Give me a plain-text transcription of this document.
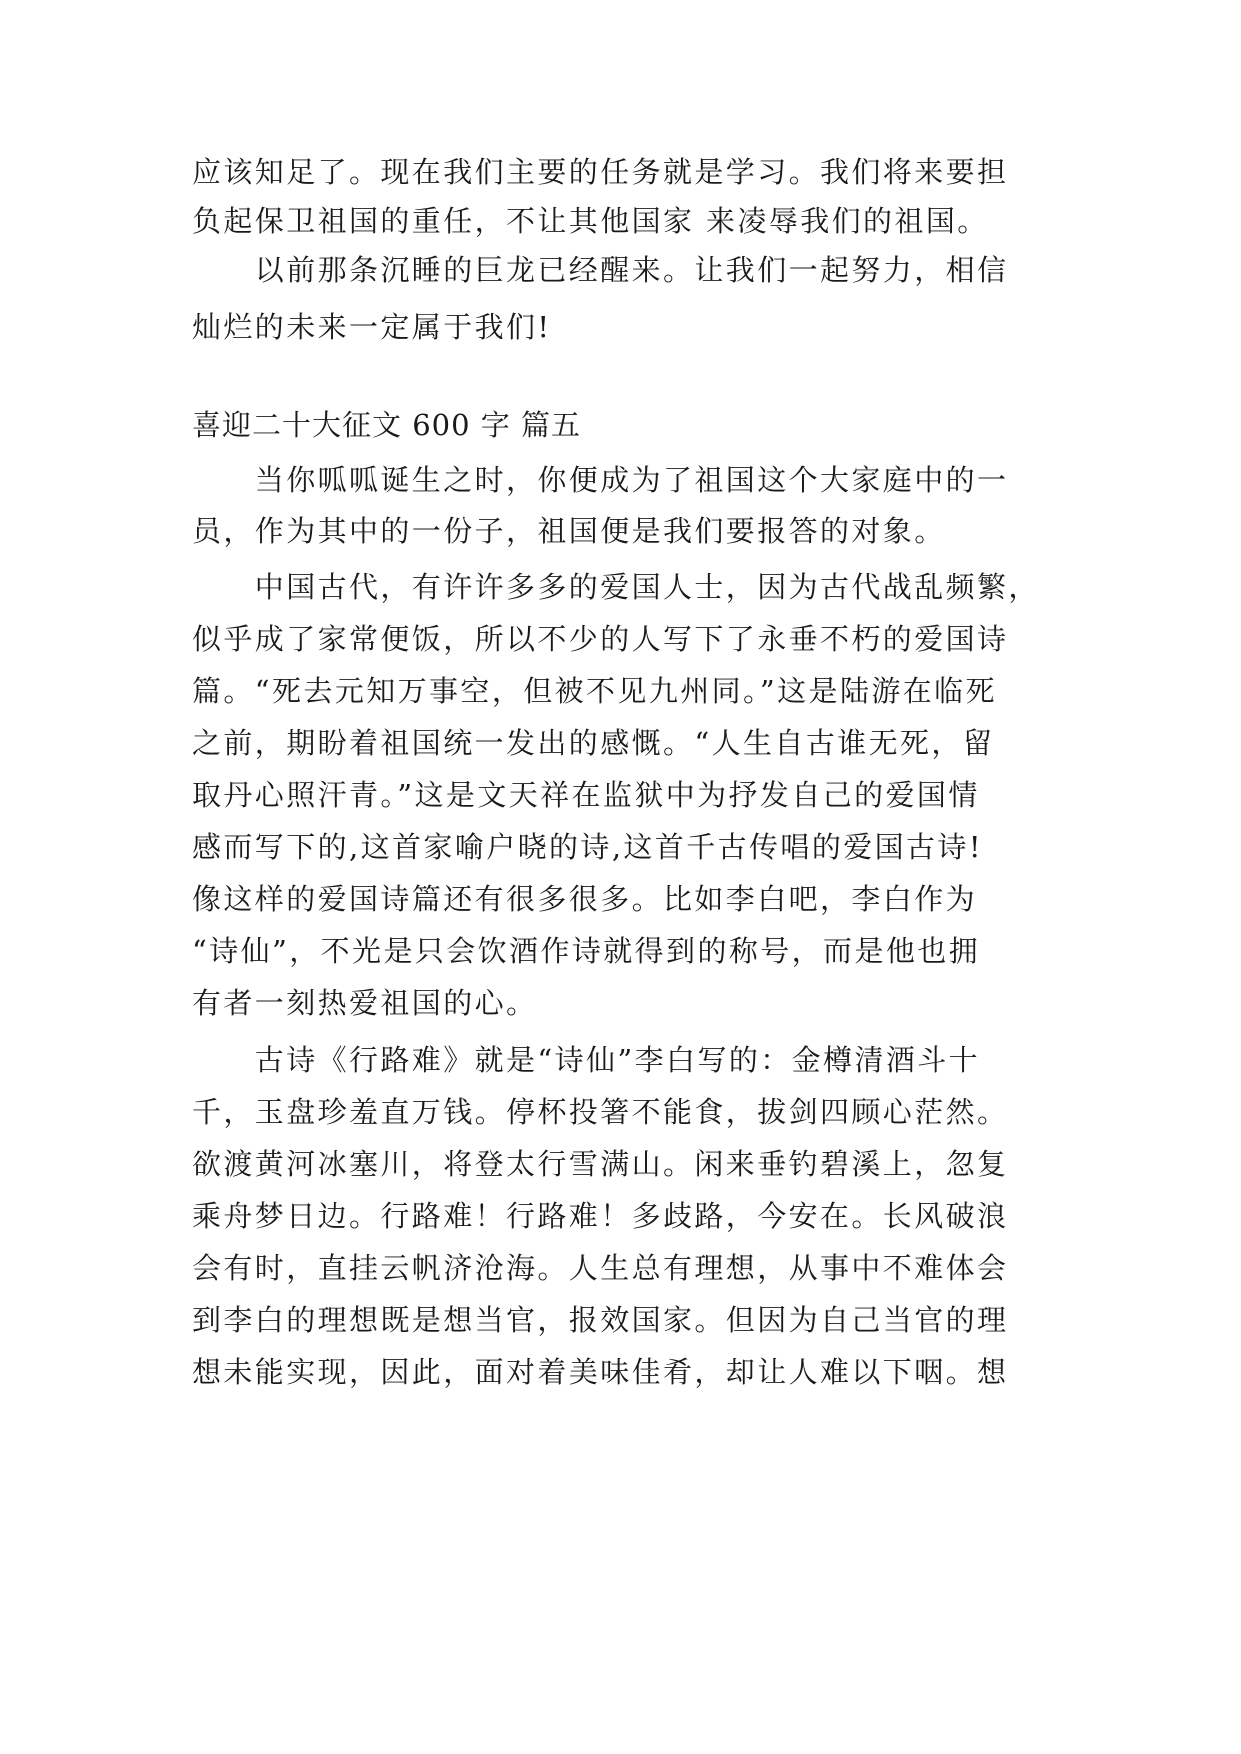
应该知足了。现在我们主要的任务就是学习。我们将来要担

负起保卫祖国的重任，不让其他国家 来凌辱我们的祖国。

　　以前那条沉睡的巨龙已经醒来。让我们一起努力，相信

灿烂的未来一定属于我们!

喜迎二十大征文 600 字 篇五

　　当你呱呱诞生之时，你便成为了祖国这个大家庭中的一

员，作为其中的一份子，祖国便是我们要报答的对象。

　　中国古代，有许许多多的爱国人士，因为古代战乱频繁，

似乎成了家常便饭，所以不少的人写下了永垂不朽的爱国诗

篇。“死去元知万事空，但被不见九州同。”这是陆游在临死

之前，期盼着祖国统一发出的感慨。“人生自古谁无死，留

取丹心照汗青。”这是文天祥在监狱中为抒发自己的爱国情

感而写下的,这首家喻户晓的诗,这首千古传唱的爱国古诗!

像这样的爱国诗篇还有很多很多。比如李白吧，李白作为

“诗仙”，不光是只会饮酒作诗就得到的称号，而是他也拥

有者一刻热爱祖国的心。

　　古诗《行路难》就是“诗仙”李白写的：金樽清酒斗十

千，玉盘珍羞直万钱。停杯投箸不能食，拔剑四顾心茫然。

欲渡黄河冰塞川，将登太行雪满山。闲来垂钓碧溪上，忽复

乘舟梦日边。行路难！行路难！多歧路，今安在。长风破浪

会有时，直挂云帆济沧海。人生总有理想，从事中不难体会

到李白的理想既是想当官，报效国家。但因为自己当官的理

想未能实现，因此，面对着美味佳肴，却让人难以下咽。想
